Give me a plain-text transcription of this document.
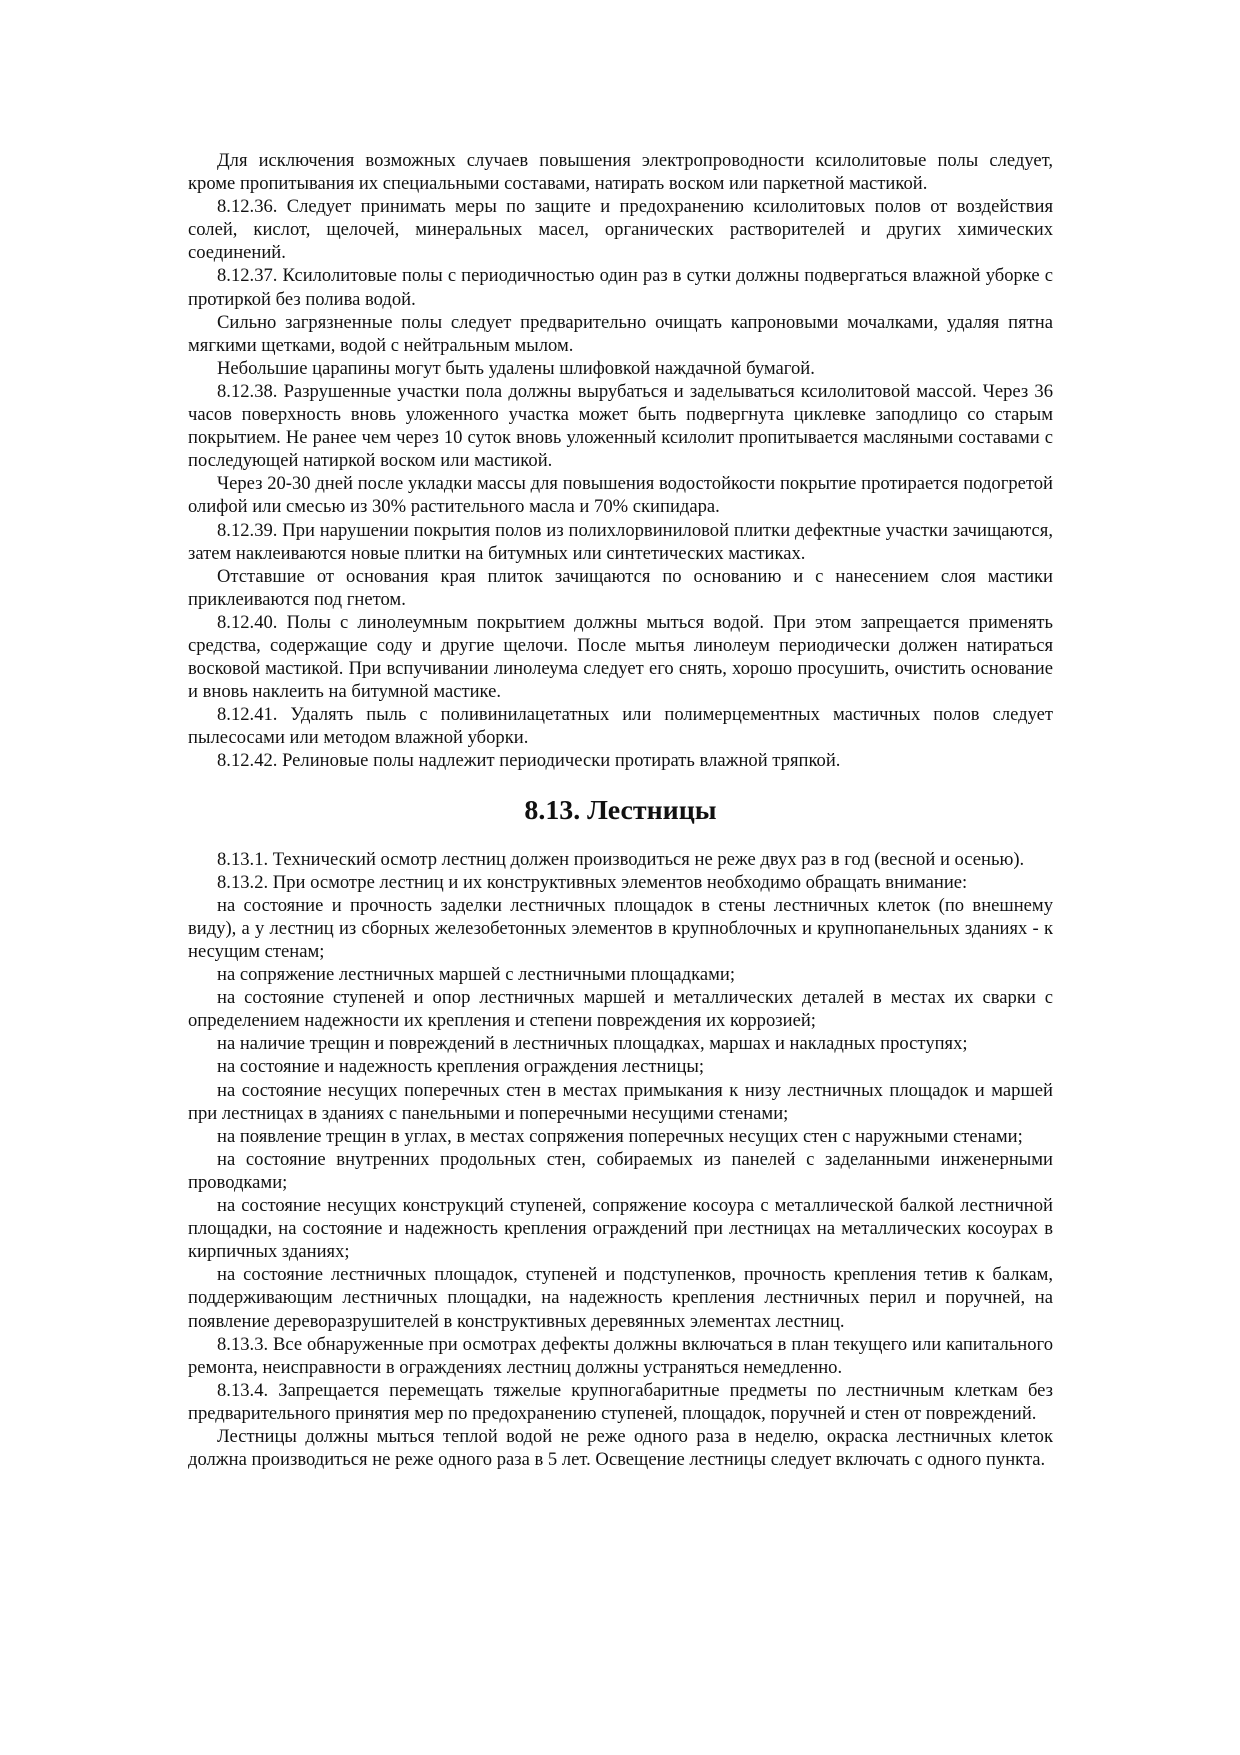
Для исключения возможных случаев повышения электропроводности ксилолитовые полы следует, кроме пропитывания их специальными составами, натирать воском или паркетной мастикой.

8.12.36. Следует принимать меры по защите и предохранению ксилолитовых полов от воздействия солей, кислот, щелочей, минеральных масел, органических растворителей и других химических соединений.

8.12.37. Ксилолитовые полы с периодичностью один раз в сутки должны подвергаться влажной уборке с протиркой без полива водой.

Сильно загрязненные полы следует предварительно очищать капроновыми мочалками, удаляя пятна мягкими щетками, водой с нейтральным мылом.

Небольшие царапины могут быть удалены шлифовкой наждачной бумагой.

8.12.38. Разрушенные участки пола должны вырубаться и заделываться ксилолитовой массой. Через 36 часов поверхность вновь уложенного участка может быть подвергнута циклевке заподлицо со старым покрытием. Не ранее чем через 10 суток вновь уложенный ксилолит пропитывается масляными составами с последующей натиркой воском или мастикой.

Через 20-30 дней после укладки массы для повышения водостойкости покрытие протирается подогретой олифой или смесью из 30% растительного масла и 70% скипидара.

8.12.39. При нарушении покрытия полов из полихлорвиниловой плитки дефектные участки зачищаются, затем наклеиваются новые плитки на битумных или синтетических мастиках.

Отставшие от основания края плиток зачищаются по основанию и с нанесением слоя мастики приклеиваются под гнетом.

8.12.40. Полы с линолеумным покрытием должны мыться водой. При этом запрещается применять средства, содержащие соду и другие щелочи. После мытья линолеум периодически должен натираться восковой мастикой. При вспучивании линолеума следует его снять, хорошо просушить, очистить основание и вновь наклеить на битумной мастике.

8.12.41. Удалять пыль с поливинилацетатных или полимерцементных мастичных полов следует пылесосами или методом влажной уборки.

8.12.42. Релиновые полы надлежит периодически протирать влажной тряпкой.

8.13. Лестницы

8.13.1. Технический осмотр лестниц должен производиться не реже двух раз в год (весной и осенью).

8.13.2. При осмотре лестниц и их конструктивных элементов необходимо обращать внимание:

на состояние и прочность заделки лестничных площадок в стены лестничных клеток (по внешнему виду), а у лестниц из сборных железобетонных элементов в крупноблочных и крупнопанельных зданиях - к несущим стенам;

на сопряжение лестничных маршей с лестничными площадками;

на состояние ступеней и опор лестничных маршей и металлических деталей в местах их сварки с определением надежности их крепления и степени повреждения их коррозией;

на наличие трещин и повреждений в лестничных площадках, маршах и накладных проступях;

на состояние и надежность крепления ограждения лестницы;

на состояние несущих поперечных стен в местах примыкания к низу лестничных площадок и маршей при лестницах в зданиях с панельными и поперечными несущими стенами;

на появление трещин в углах, в местах сопряжения поперечных несущих стен с наружными стенами;

на состояние внутренних продольных стен, собираемых из панелей с заделанными инженерными проводками;

на состояние несущих конструкций ступеней, сопряжение косоура с металлической балкой лестничной площадки, на состояние и надежность крепления ограждений при лестницах на металлических косоурах в кирпичных зданиях;

на состояние лестничных площадок, ступеней и подступенков, прочность крепления тетив к балкам, поддерживающим лестничных площадки, на надежность крепления лестничных перил и поручней, на появление дереворазрушителей в конструктивных деревянных элементах лестниц.

8.13.3. Все обнаруженные при осмотрах дефекты должны включаться в план текущего или капитального ремонта, неисправности в ограждениях лестниц должны устраняться немедленно.

8.13.4. Запрещается перемещать тяжелые крупногабаритные предметы по лестничным клеткам без предварительного принятия мер по предохранению ступеней, площадок, поручней и стен от повреждений.

Лестницы должны мыться теплой водой не реже одного раза в неделю, окраска лестничных клеток должна производиться не реже одного раза в 5 лет. Освещение лестницы следует включать с одного пункта.
